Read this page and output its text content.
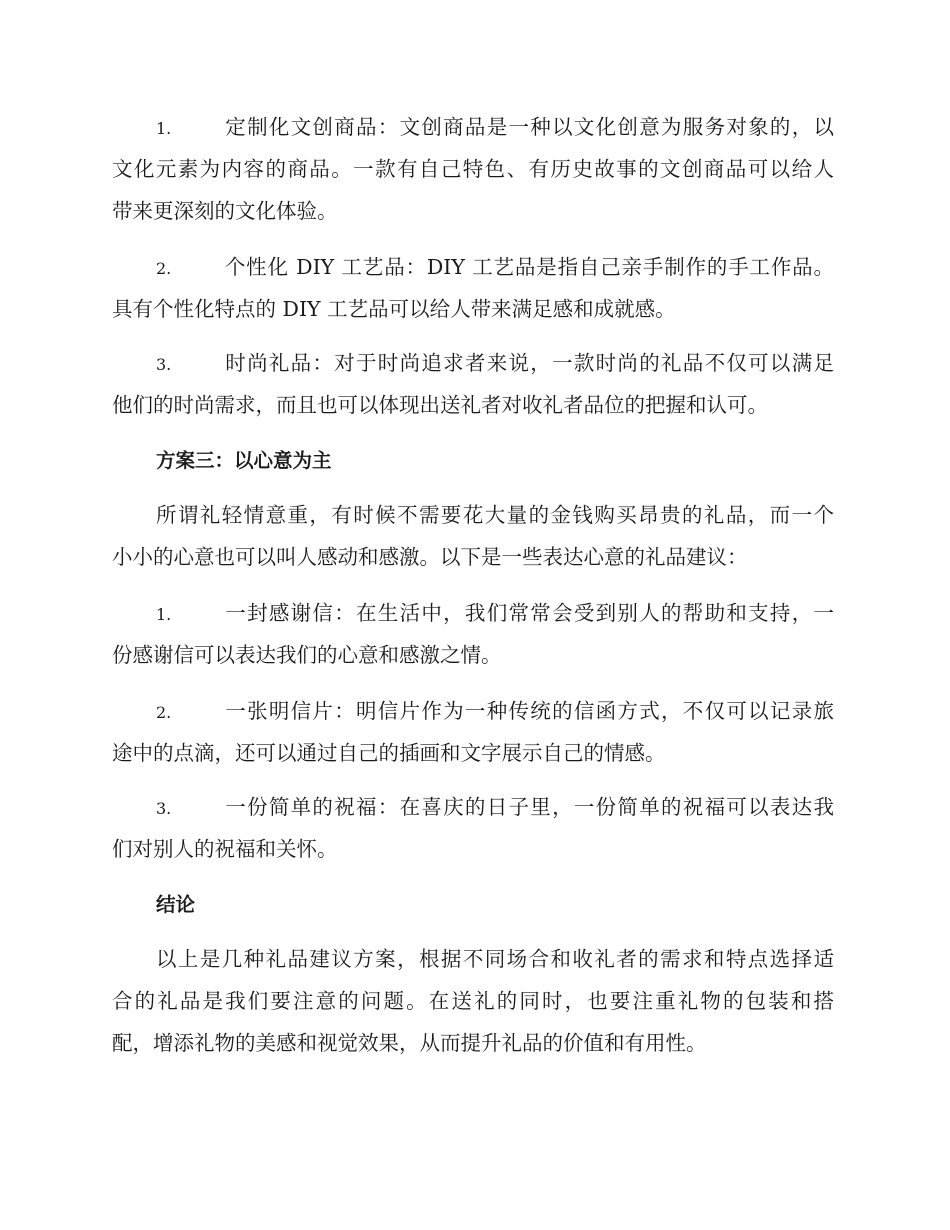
1.	定制化文创商品：文创商品是一种以文化创意为服务对象的，以
文化元素为内容的商品。一款有自己特色、有历史故事的文创商品可以给人
带来更深刻的文化体验。
2.	个性化 DIY 工艺品：DIY 工艺品是指自己亲手制作的手工作品。
具有个性化特点的 DIY 工艺品可以给人带来满足感和成就感。
3.	时尚礼品：对于时尚追求者来说，一款时尚的礼品不仅可以满足
他们的时尚需求，而且也可以体现出送礼者对收礼者品位的把握和认可。
方案三：以心意为主
所谓礼轻情意重，有时候不需要花大量的金钱购买昂贵的礼品，而一个
小小的心意也可以叫人感动和感激。以下是一些表达心意的礼品建议：
1.	一封感谢信：在生活中，我们常常会受到别人的帮助和支持，一
份感谢信可以表达我们的心意和感激之情。
2.	一张明信片：明信片作为一种传统的信函方式，不仅可以记录旅
途中的点滴，还可以通过自己的插画和文字展示自己的情感。
3.	一份简单的祝福：在喜庆的日子里，一份简单的祝福可以表达我
们对别人的祝福和关怀。
结论
以上是几种礼品建议方案，根据不同场合和收礼者的需求和特点选择适
合的礼品是我们要注意的问题。在送礼的同时，也要注重礼物的包装和搭
配，增添礼物的美感和视觉效果，从而提升礼品的价值和有用性。
